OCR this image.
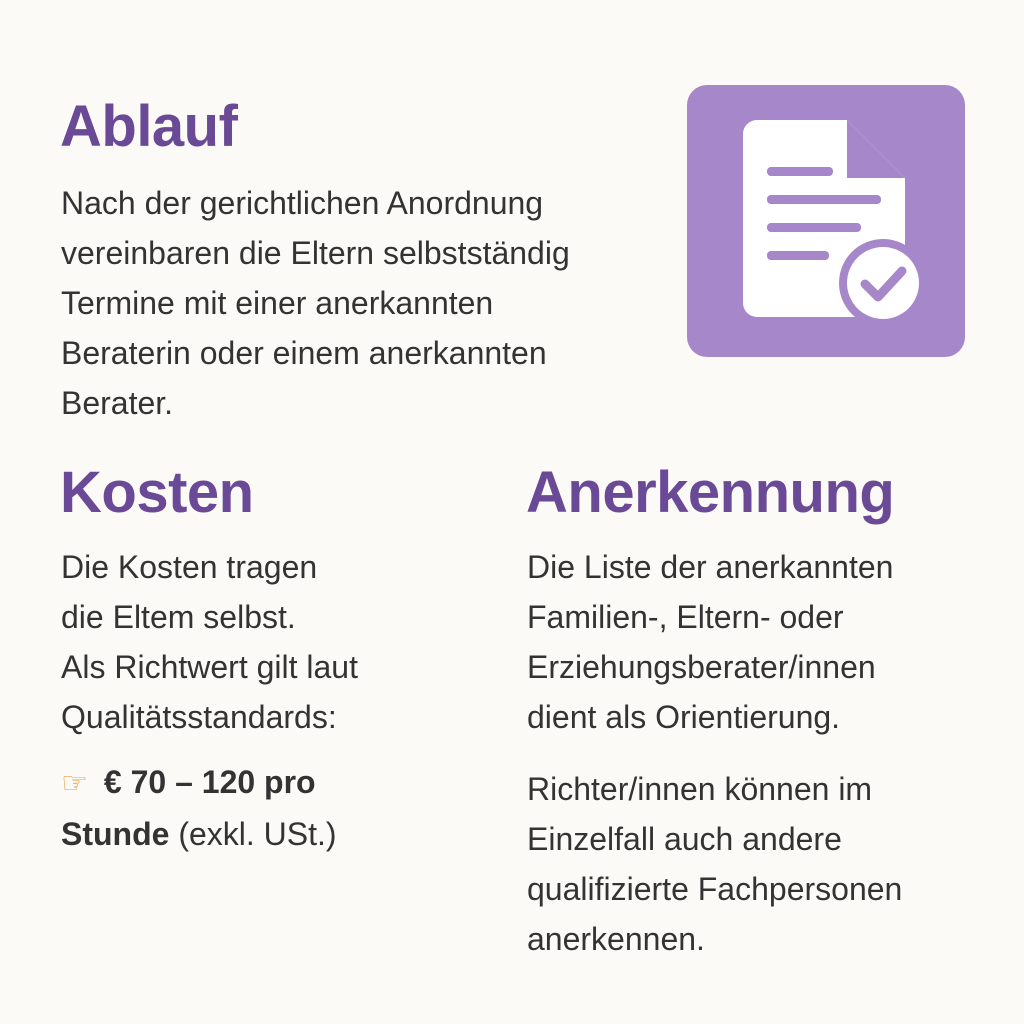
Ablauf

Nach der gerichtlichen Anordnung
vereinbaren die Eltern selbstständig
Termine mit einer anerkannten
Beraterin oder einem anerkannten
Berater.

Kosten

Die Kosten tragen
die Eltem selbst.
Als Richtwert gilt laut
Qualitätsstandards:

☞ € 70 – 120 pro
Stunde (exkl. USt.)

Anerkennung

Die Liste der anerkannten
Familien-, Eltern- oder
Erziehungsberater/innen
dient als Orientierung.

Richter/innen können im
Einzelfall auch andere
qualifizierte Fachpersonen
anerkennen.
